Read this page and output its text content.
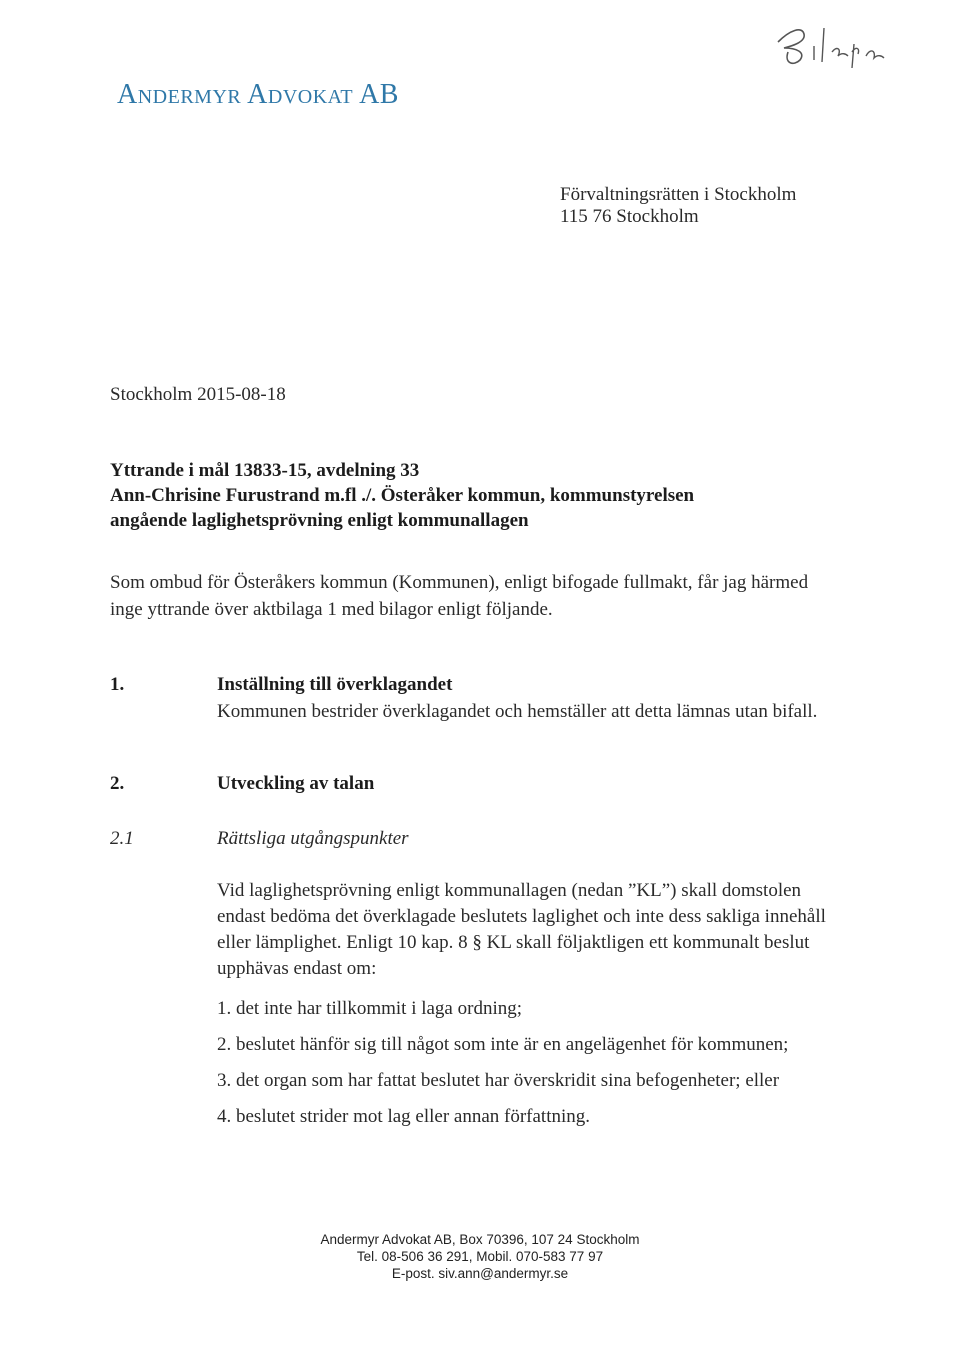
Andermyr Advokat AB
Förvaltningsrätten i Stockholm
115 76 Stockholm
Stockholm 2015-08-18
Yttrande i mål 13833-15, avdelning 33
Ann-Chrisine Furustrand m.fl ./. Österåker kommun, kommunstyrelsen
angående laglighetsprövning enligt kommunallagen
Som ombud för Österåkers kommun (Kommunen), enligt bifogade fullmakt, får jag härmed
inge yttrande över aktbilaga 1 med bilagor enligt följande.
1.	Inställning till överklagandet
Kommunen bestrider överklagandet och hemställer att detta lämnas utan bifall.
2.	Utveckling av talan
2.1	Rättsliga utgångspunkter
Vid laglighetsprövning enligt kommunallagen (nedan ”KL”) skall domstolen
endast bedöma det överklagade beslutets laglighet och inte dess sakliga innehåll
eller lämplighet. Enligt 10 kap. 8 § KL skall följaktligen ett kommunalt beslut
upphävas endast om:
1. det inte har tillkommit i laga ordning;
2. beslutet hänför sig till något som inte är en angelägenhet för kommunen;
3. det organ som har fattat beslutet har överskridit sina befogenheter; eller
4. beslutet strider mot lag eller annan författning.
Andermyr Advokat AB, Box 70396, 107 24 Stockholm
Tel. 08-506 36 291, Mobil. 070-583 77 97
E-post. siv.ann@andermyr.se
